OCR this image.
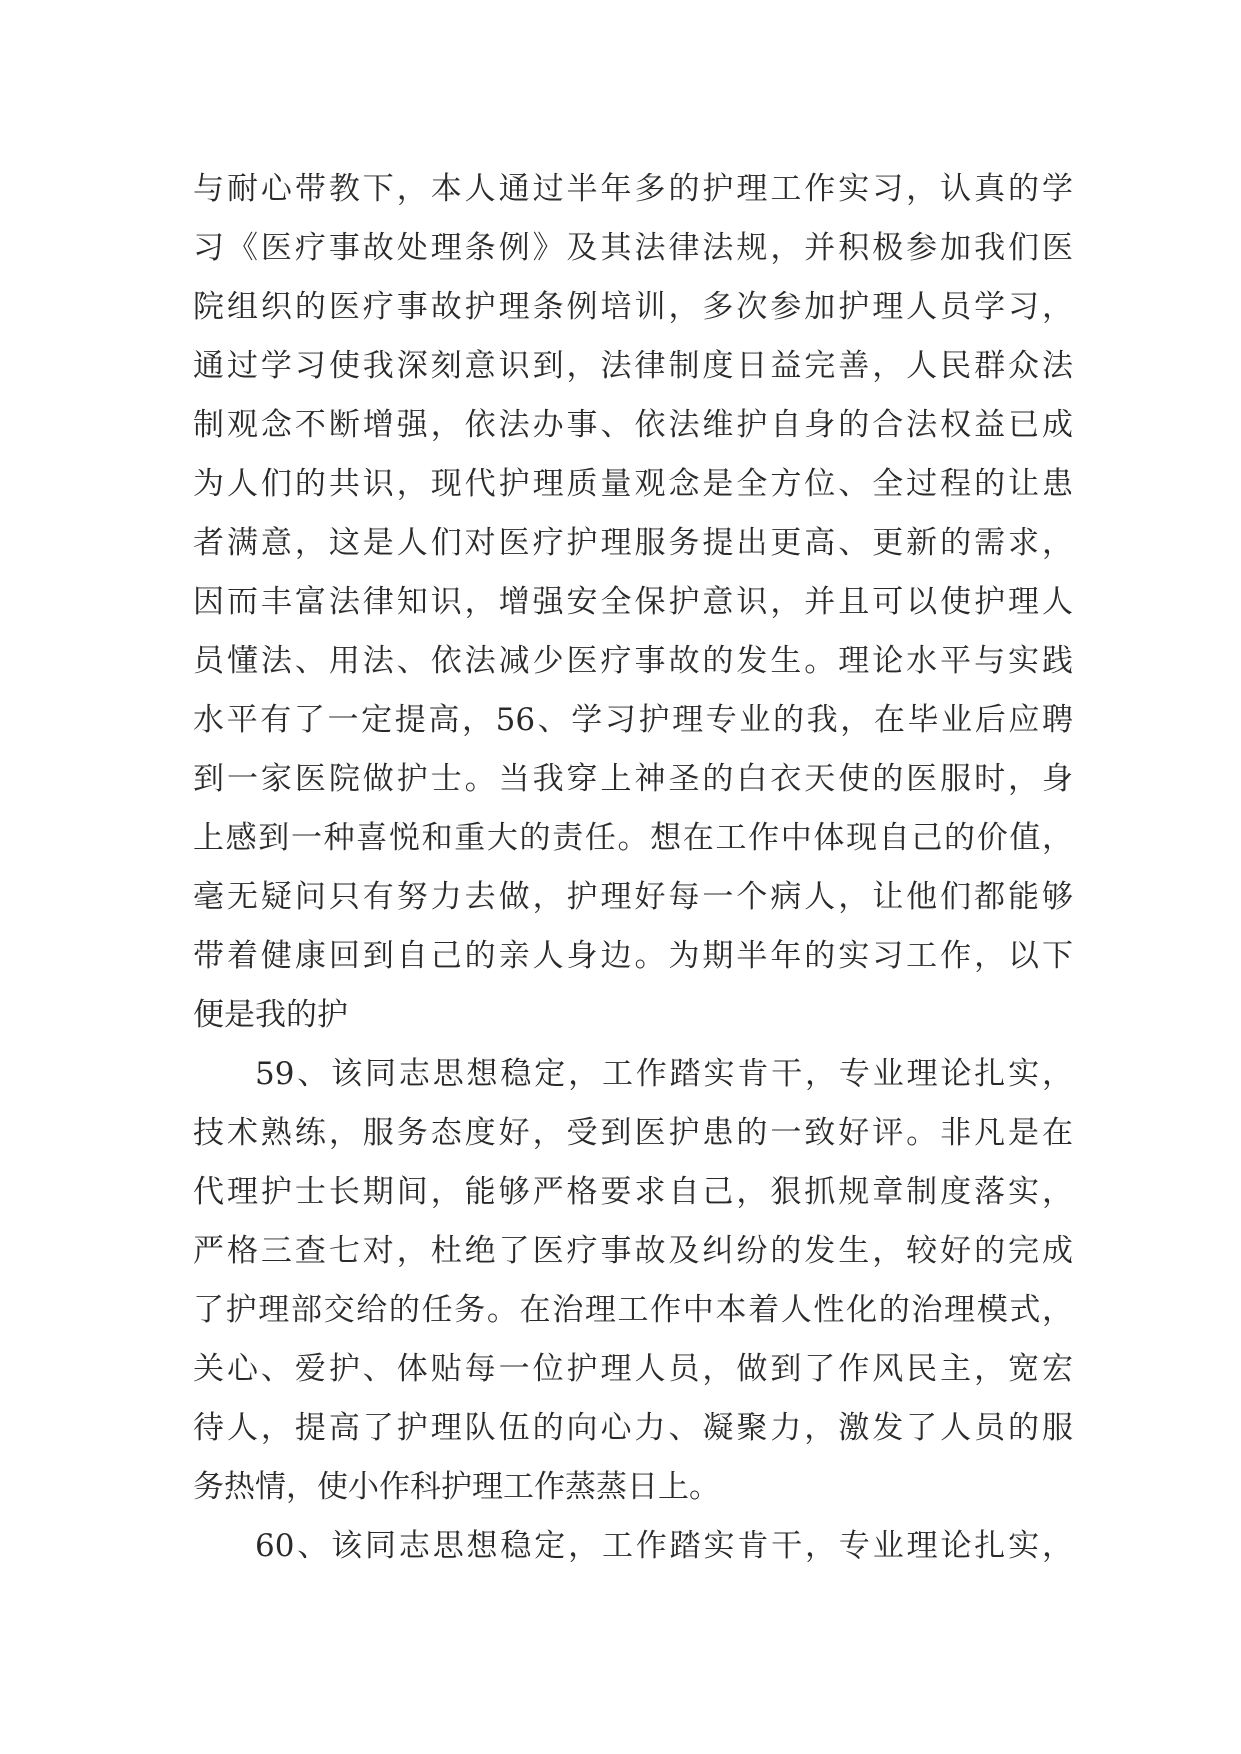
与耐心带教下，本人通过半年多的护理工作实习，认真的学
习《医疗事故处理条例》及其法律法规，并积极参加我们医
院组织的医疗事故护理条例培训，多次参加护理人员学习，
通过学习使我深刻意识到，法律制度日益完善，人民群众法
制观念不断增强，依法办事、依法维护自身的合法权益已成
为人们的共识，现代护理质量观念是全方位、全过程的让患
者满意，这是人们对医疗护理服务提出更高、更新的需求，
因而丰富法律知识，增强安全保护意识，并且可以使护理人
员懂法、用法、依法减少医疗事故的发生。理论水平与实践
水平有了一定提高，56、学习护理专业的我，在毕业后应聘
到一家医院做护士。当我穿上神圣的白衣天使的医服时，身
上感到一种喜悦和重大的责任。想在工作中体现自己的价值，
毫无疑问只有努力去做，护理好每一个病人，让他们都能够
带着健康回到自己的亲人身边。为期半年的实习工作，以下
便是我的护
59、该同志思想稳定，工作踏实肯干，专业理论扎实，
技术熟练，服务态度好，受到医护患的一致好评。非凡是在
代理护士长期间，能够严格要求自己，狠抓规章制度落实，
严格三查七对，杜绝了医疗事故及纠纷的发生，较好的完成
了护理部交给的任务。在治理工作中本着人性化的治理模式，
关心、爱护、体贴每一位护理人员，做到了作风民主，宽宏
待人，提高了护理队伍的向心力、凝聚力，激发了人员的服
务热情，使小作科护理工作蒸蒸日上。
60、该同志思想稳定，工作踏实肯干，专业理论扎实，
